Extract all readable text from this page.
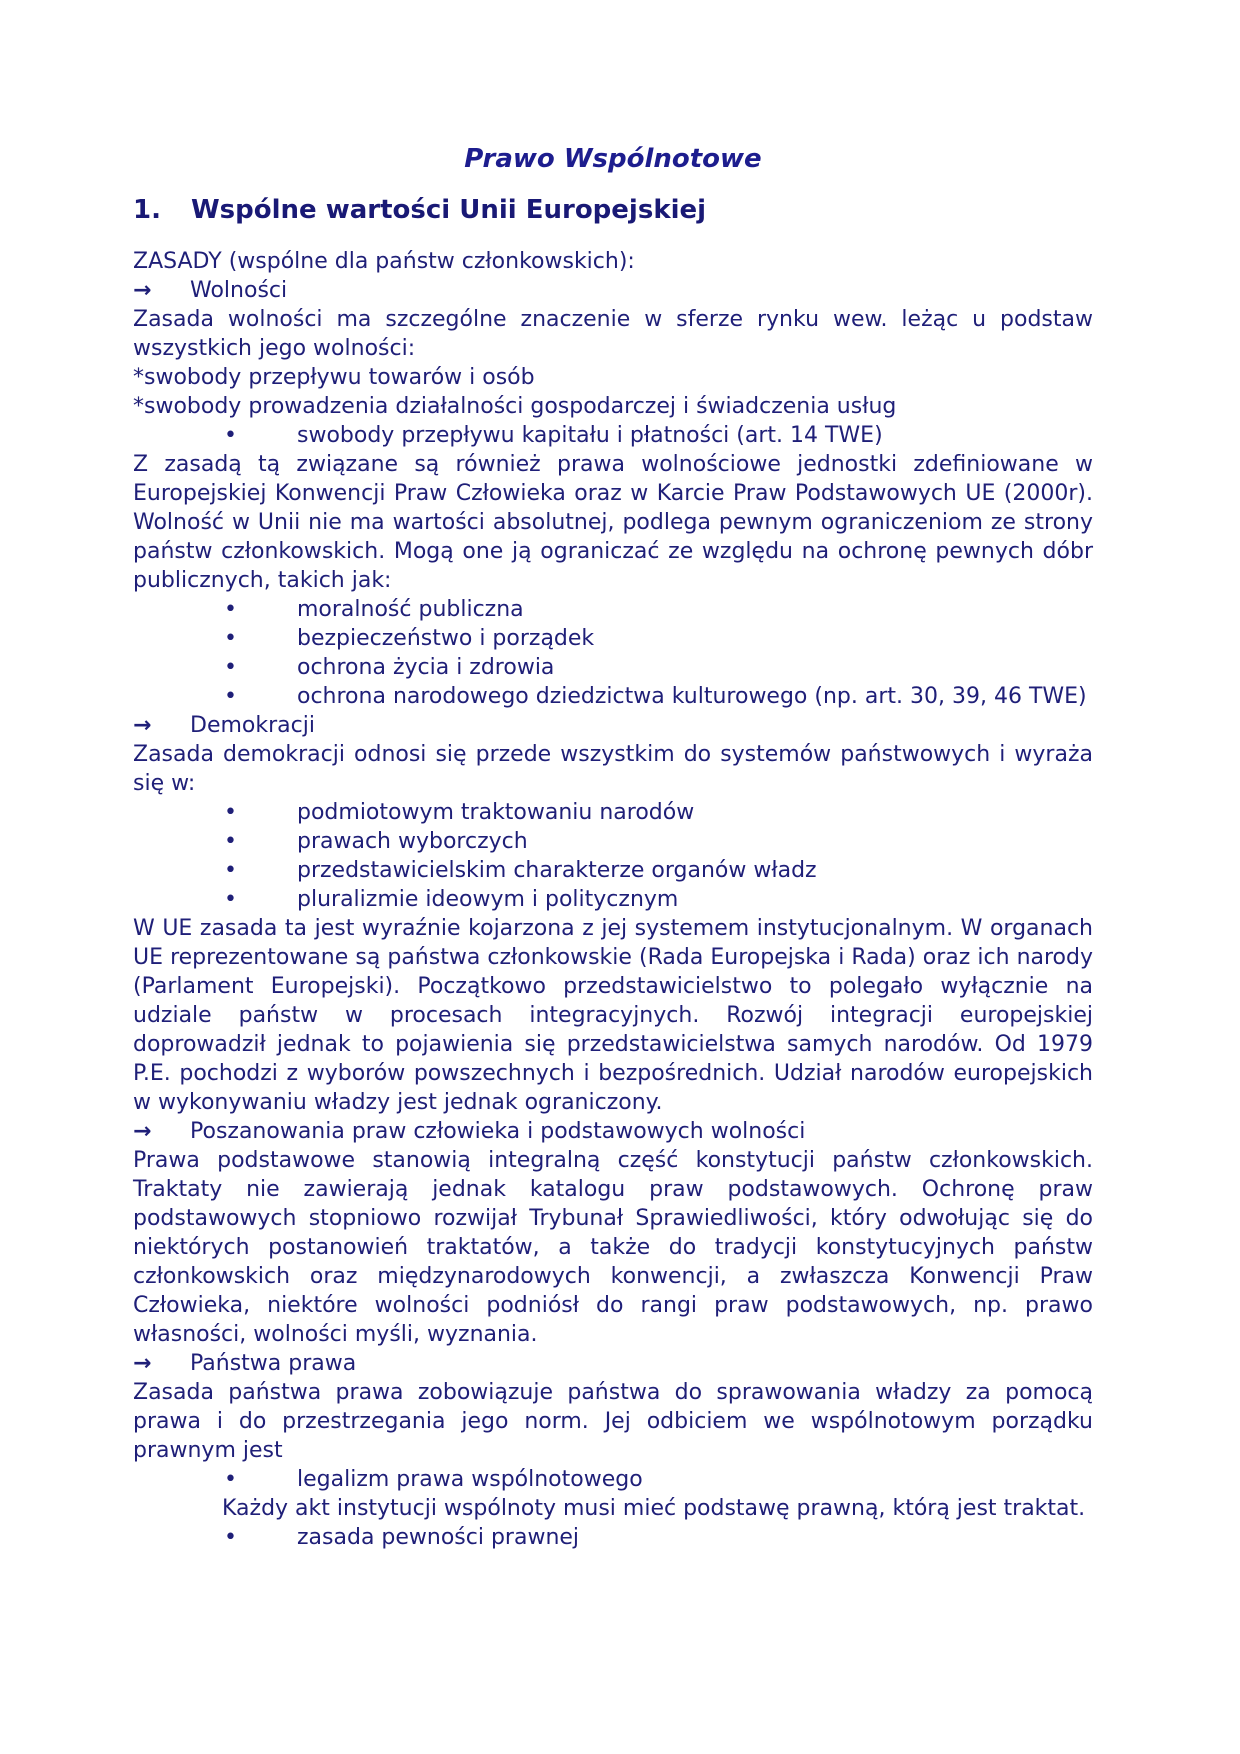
Prawo Wspólnotowe
1. Wspólne wartości Unii Europejskiej

ZASADY (wspólne dla państw członkowskich):

→ Wolności

Zasada wolności ma szczególne znaczenie w sferze rynku wew. leżąc u podstaw wszystkich jego wolności:

*swobody przepływu towarów i osób

*swobody prowadzenia działalności gospodarczej i świadczenia usług

•	swobody przepływu kapitału i płatności (art. 14 TWE)

Z zasadą tą związane są również prawa wolnościowe jednostki zdefiniowane w Europejskiej Konwencji Praw Człowieka oraz w Karcie Praw Podstawowych UE (2000r). Wolność w Unii nie ma wartości absolutnej, podlega pewnym ograniczeniom ze strony państw członkowskich. Mogą one ją ograniczać ze względu na ochronę pewnych dóbr publicznych, takich jak:

•	moralność publiczna

•	bezpieczeństwo i porządek

•	ochrona życia i zdrowia

•	ochrona narodowego dziedzictwa kulturowego (np. art. 30, 39, 46 TWE)

→ Demokracji

Zasada demokracji odnosi się przede wszystkim do systemów państwowych i wyraża się w:

•	podmiotowym traktowaniu narodów

•	prawach wyborczych

•	przedstawicielskim charakterze organów władz

•	pluralizmie ideowym i politycznym

W UE zasada ta jest wyraźnie kojarzona z jej systemem instytucjonalnym. W organach UE reprezentowane są państwa członkowskie (Rada Europejska i Rada) oraz ich narody (Parlament Europejski). Początkowo przedstawicielstwo to polegało wyłącznie na udziale państw w procesach integracyjnych. Rozwój integracji europejskiej doprowadził jednak to pojawienia się przedstawicielstwa samych narodów. Od 1979 P.E. pochodzi z wyborów powszechnych i bezpośrednich. Udział narodów europejskich w wykonywaniu władzy jest jednak ograniczony.

→ Poszanowania praw człowieka i podstawowych wolności

Prawa podstawowe stanowią integralną część konstytucji państw członkowskich. Traktaty nie zawierają jednak katalogu praw podstawowych. Ochronę praw podstawowych stopniowo rozwijał Trybunał Sprawiedliwości, który odwołując się do niektórych postanowień traktatów, a także do tradycji konstytucyjnych państw członkowskich oraz międzynarodowych konwencji, a zwłaszcza Konwencji Praw Człowieka, niektóre wolności podniósł do rangi praw podstawowych, np. prawo własności, wolności myśli, wyznania.

→ Państwa prawa

Zasada państwa prawa zobowiązuje państwa do sprawowania władzy za pomocą prawa i do przestrzegania jego norm. Jej odbiciem we wspólnotowym porządku prawnym jest

•	legalizm prawa wspólnotowego

Każdy akt instytucji wspólnoty musi mieć podstawę prawną, którą jest traktat.

•	zasada pewności prawnej
